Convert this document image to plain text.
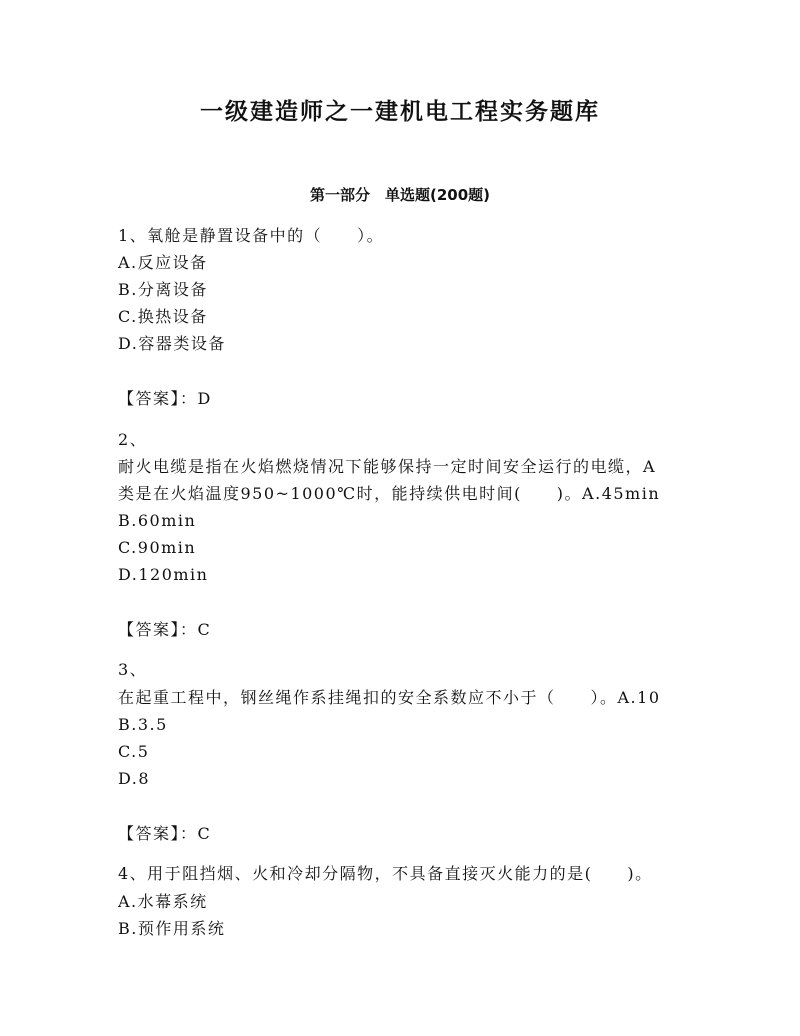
一级建造师之一建机电工程实务题库
第一部分　单选题(200题)
1、氧舱是静置设备中的（　　）。
A.反应设备
B.分离设备
C.换热设备
D.容器类设备
【答案】：D
2、
耐火电缆是指在火焰燃烧情况下能够保持一定时间安全运行的电缆，A
类是在火焰温度950~1000℃时，能持续供电时间(　　)。A.45min
B.60min
C.90min
D.120min
【答案】：C
3、
在起重工程中，钢丝绳作系挂绳扣的安全系数应不小于（　　）。A.10
B.3.5
C.5
D.8
【答案】：C
4、用于阻挡烟、火和冷却分隔物，不具备直接灭火能力的是(　　)。
A.水幕系统
B.预作用系统
